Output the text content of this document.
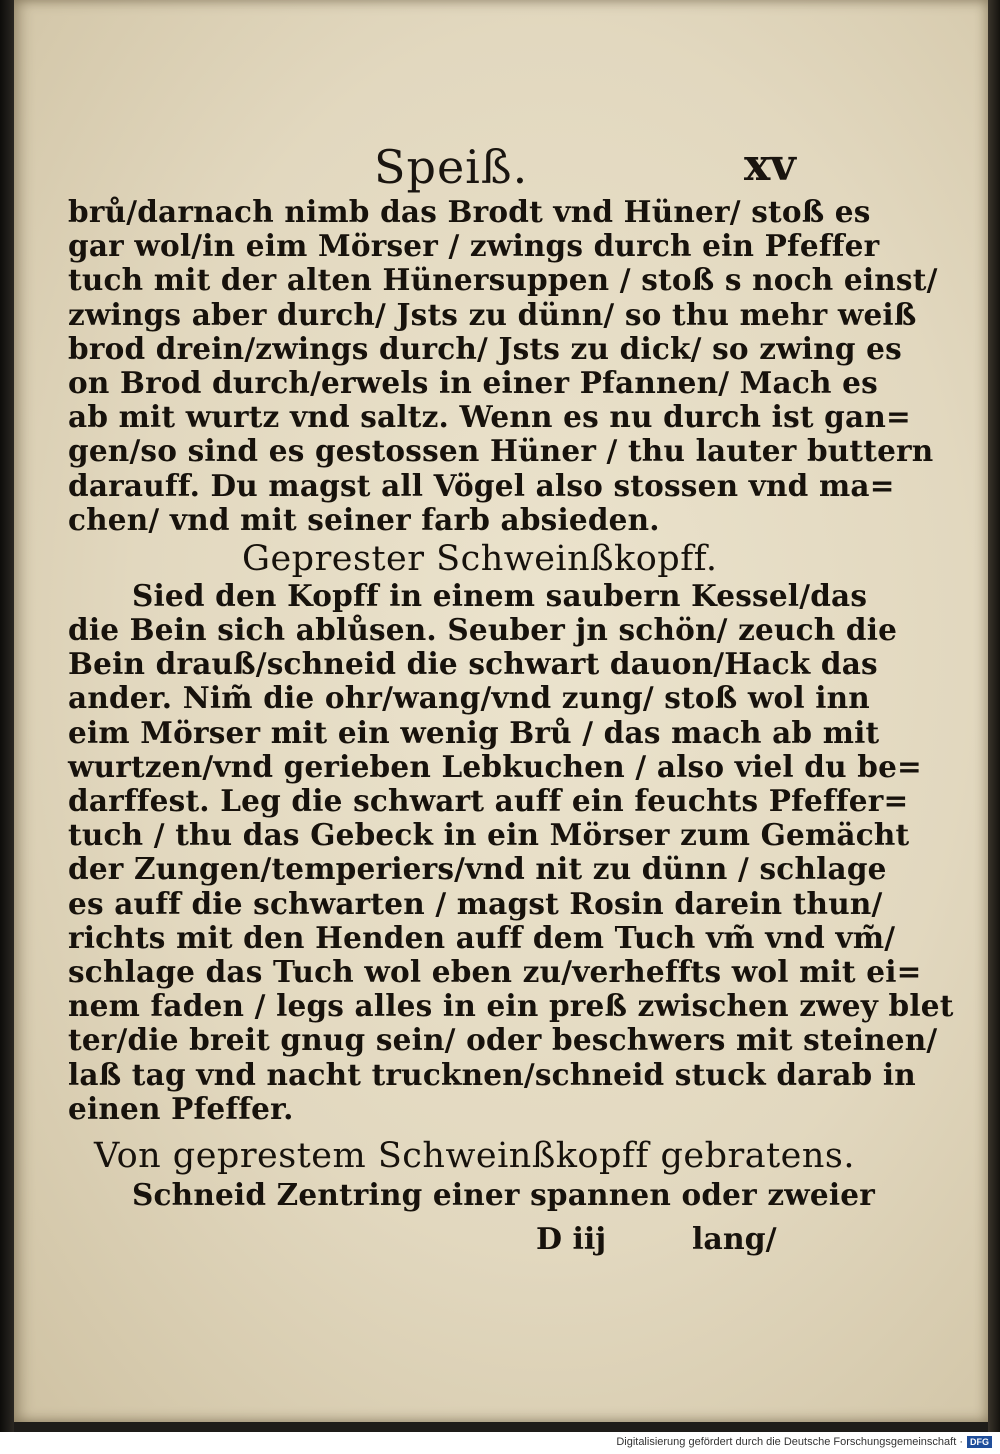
Speiß.	xv
brů/darnach nimb das Brodt vnd Hüner/ stoß es
gar wol/in eim Mörser / zwings durch ein Pfeffer
tuch mit der alten Hünersuppen / stoß s noch einst/
zwings aber durch/ Jsts zu dünn/ so thu mehr weiß
brod drein/zwings durch/ Jsts zu dick/ so zwing es
on Brod durch/erwels in einer Pfannen/ Mach es
ab mit wurtz vnd saltz. Wenn es nu durch ist gan=
gen/so sind es gestossen Hüner / thu lauter buttern
darauff. Du magst all Vögel also stossen vnd ma=
chen/ vnd mit seiner farb absieden.
Geprester Schweinßkopff.
Sied den Kopff in einem saubern Kessel/das
die Bein sich ablůsen. Seuber jn schön/ zeuch die
Bein drauß/schneid die schwart dauon/Hack das
ander. Nim̃ die ohr/wang/vnd zung/ stoß wol inn
eim Mörser mit ein wenig Brů / das mach ab mit
wurtzen/vnd gerieben Lebkuchen / also viel du be=
darffest. Leg die schwart auff ein feuchts Pfeffer=
tuch / thu das Gebeck in ein Mörser zum Gemächt
der Zungen/temperiers/vnd nit zu dünn / schlage
es auff die schwarten / magst Rosin darein thun/
richts mit den Henden auff dem Tuch vm̃ vnd vm̃/
schlage das Tuch wol eben zu/verheffts wol mit ei=
nem faden / legs alles in ein preß zwischen zwey blet
ter/die breit gnug sein/ oder beschwers mit steinen/
laß tag vnd nacht trucknen/schneid stuck darab in
einen Pfeffer.
Von geprestem Schweinßkopff gebratens.
Schneid Zentring einer spannen oder zweier
D iij	lang/
Digitalisierung gefördert durch die Deutsche Forschungsgemeinschaft · DFG
